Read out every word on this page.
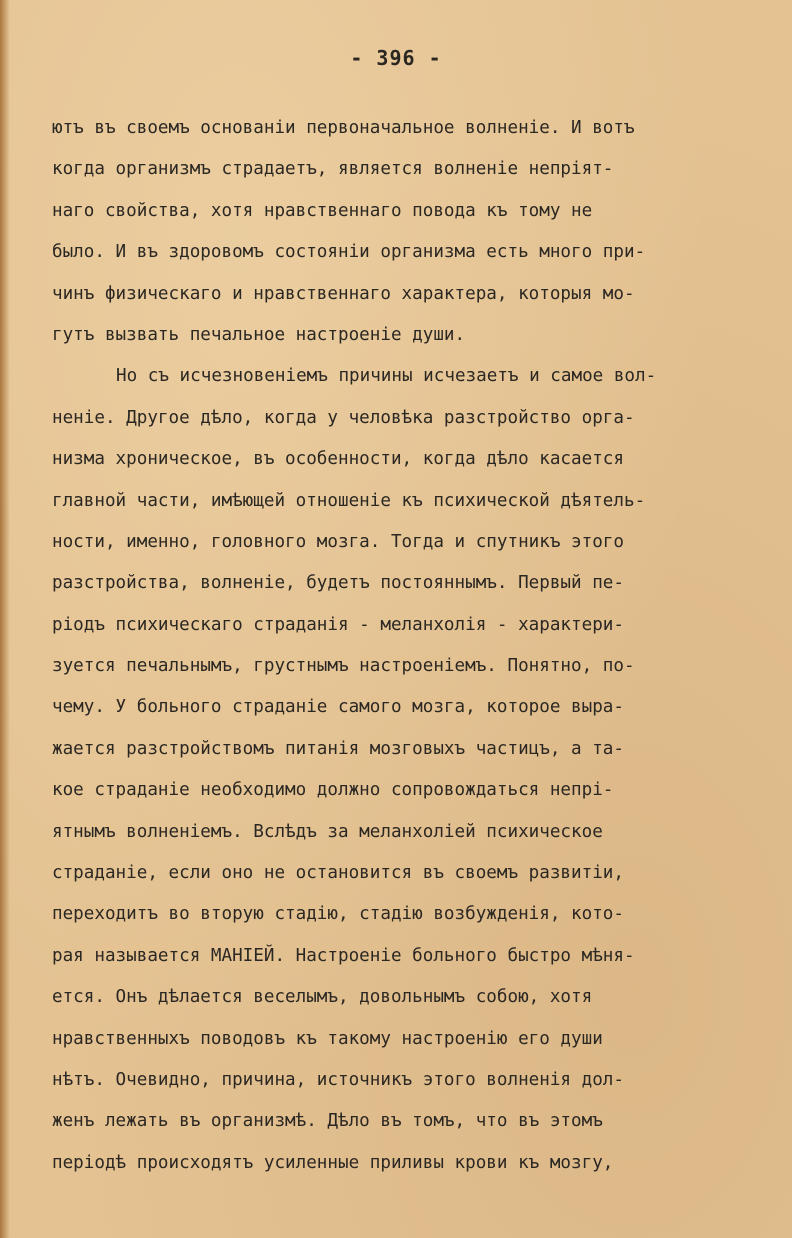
- 396 -
ютъ въ своемъ основанiи первоначальное волненiе. И вотъ
когда организмъ страдаетъ, является волненiе непрiят-
наго свойства, хотя нравственнаго повода къ тому не
было. И въ здоровомъ состоянiи организма есть много при-
чинъ физическаго и нравственнаго характера, которыя мо-
гутъ вызвать печальное настроенiе души.
Но съ исчезновенiемъ причины исчезаетъ и самое вол-
ненiе. Другое дѣло, когда у человѣка разстройство орга-
низма хроническое, въ особенности, когда дѣло касается
главной части, имѣющей отношенiе къ психической дѣятель-
ности, именно, головного мозга. Тогда и спутникъ этого
разстройства, волненiе, будетъ постояннымъ. Первый пе-
рiодъ психическаго страданiя - меланхолiя - характери-
зуется печальнымъ, грустнымъ настроенiемъ. Понятно, по-
чему. У больного страданiе самого мозга, которое выра-
жается разстройствомъ питанiя мозговыхъ частицъ, а та-
кое страданiе необходимо должно сопровождаться непрi-
ятнымъ волненiемъ. Вслѣдъ за меланхолiей психическое
страданiе, если оно не остановится въ своемъ развитiи,
переходитъ во вторую стадiю, стадiю возбужденiя, кото-
рая называется МАНIЕЙ. Настроенiе больного быстро мѣня-
ется. Онъ дѣлается веселымъ, довольнымъ собою, хотя
нравственныхъ поводовъ къ такому настроенiю его души
нѣтъ. Очевидно, причина, источникъ этого волненiя дол-
женъ лежать въ организмѣ. Дѣло въ томъ, что въ этомъ
перiодѣ происходятъ усиленные приливы крови къ мозгу,
